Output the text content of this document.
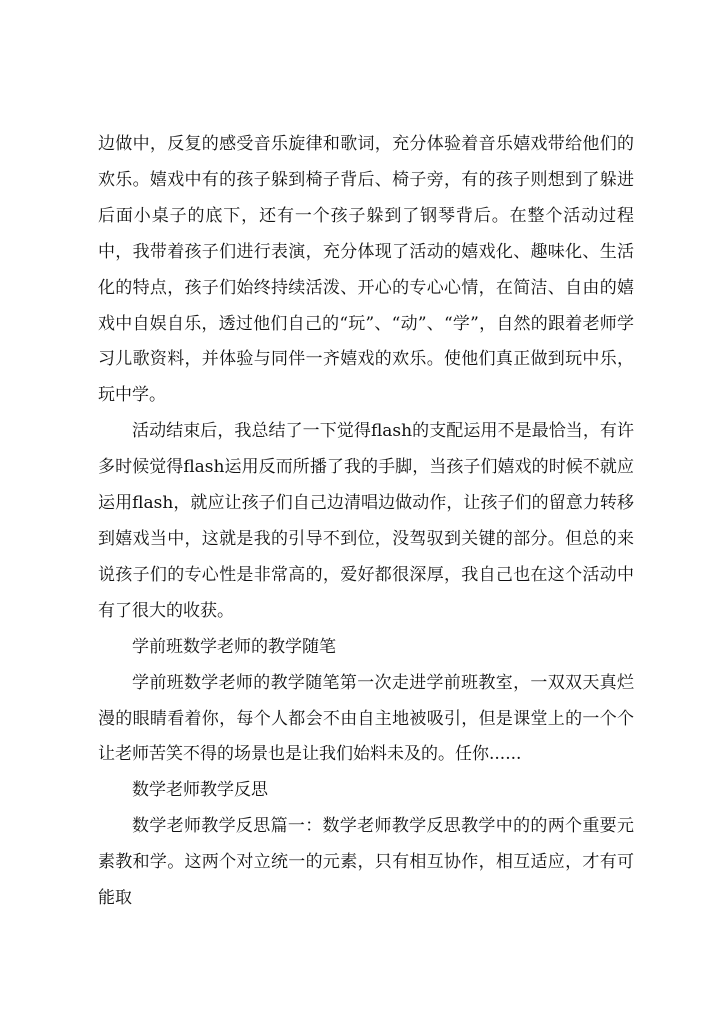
边做中，反复的感受音乐旋律和歌词，充分体验着音乐嬉戏带给他们的欢乐。嬉戏中有的孩子躲到椅子背后、椅子旁，有的孩子则想到了躲进后面小桌子的底下，还有一个孩子躲到了钢琴背后。在整个活动过程中，我带着孩子们进行表演，充分体现了活动的嬉戏化、趣味化、生活化的特点，孩子们始终持续活泼、开心的专心心情，在简洁、自由的嬉戏中自娱自乐，透过他们自己的“玩”、“动”、“学”，自然的跟着老师学习儿歌资料，并体验与同伴一齐嬉戏的欢乐。使他们真正做到玩中乐，玩中学。

活动结束后，我总结了一下觉得flash的支配运用不是最恰当，有许多时候觉得flash运用反而所播了我的手脚，当孩子们嬉戏的时候不就应运用flash，就应让孩子们自己边清唱边做动作，让孩子们的留意力转移到嬉戏当中，这就是我的引导不到位，没驾驭到关键的部分。但总的来说孩子们的专心性是非常高的，爱好都很深厚，我自己也在这个活动中有了很大的收获。

学前班数学老师的教学随笔

学前班数学老师的教学随笔第一次走进学前班教室，一双双天真烂漫的眼睛看着你，每个人都会不由自主地被吸引，但是课堂上的一个个让老师苦笑不得的场景也是让我们始料未及的。任你......

数学老师教学反思

数学老师教学反思篇一：数学老师教学反思教学中的的两个重要元素教和学。这两个对立统一的元素，只有相互协作，相互适应，才有可能取
